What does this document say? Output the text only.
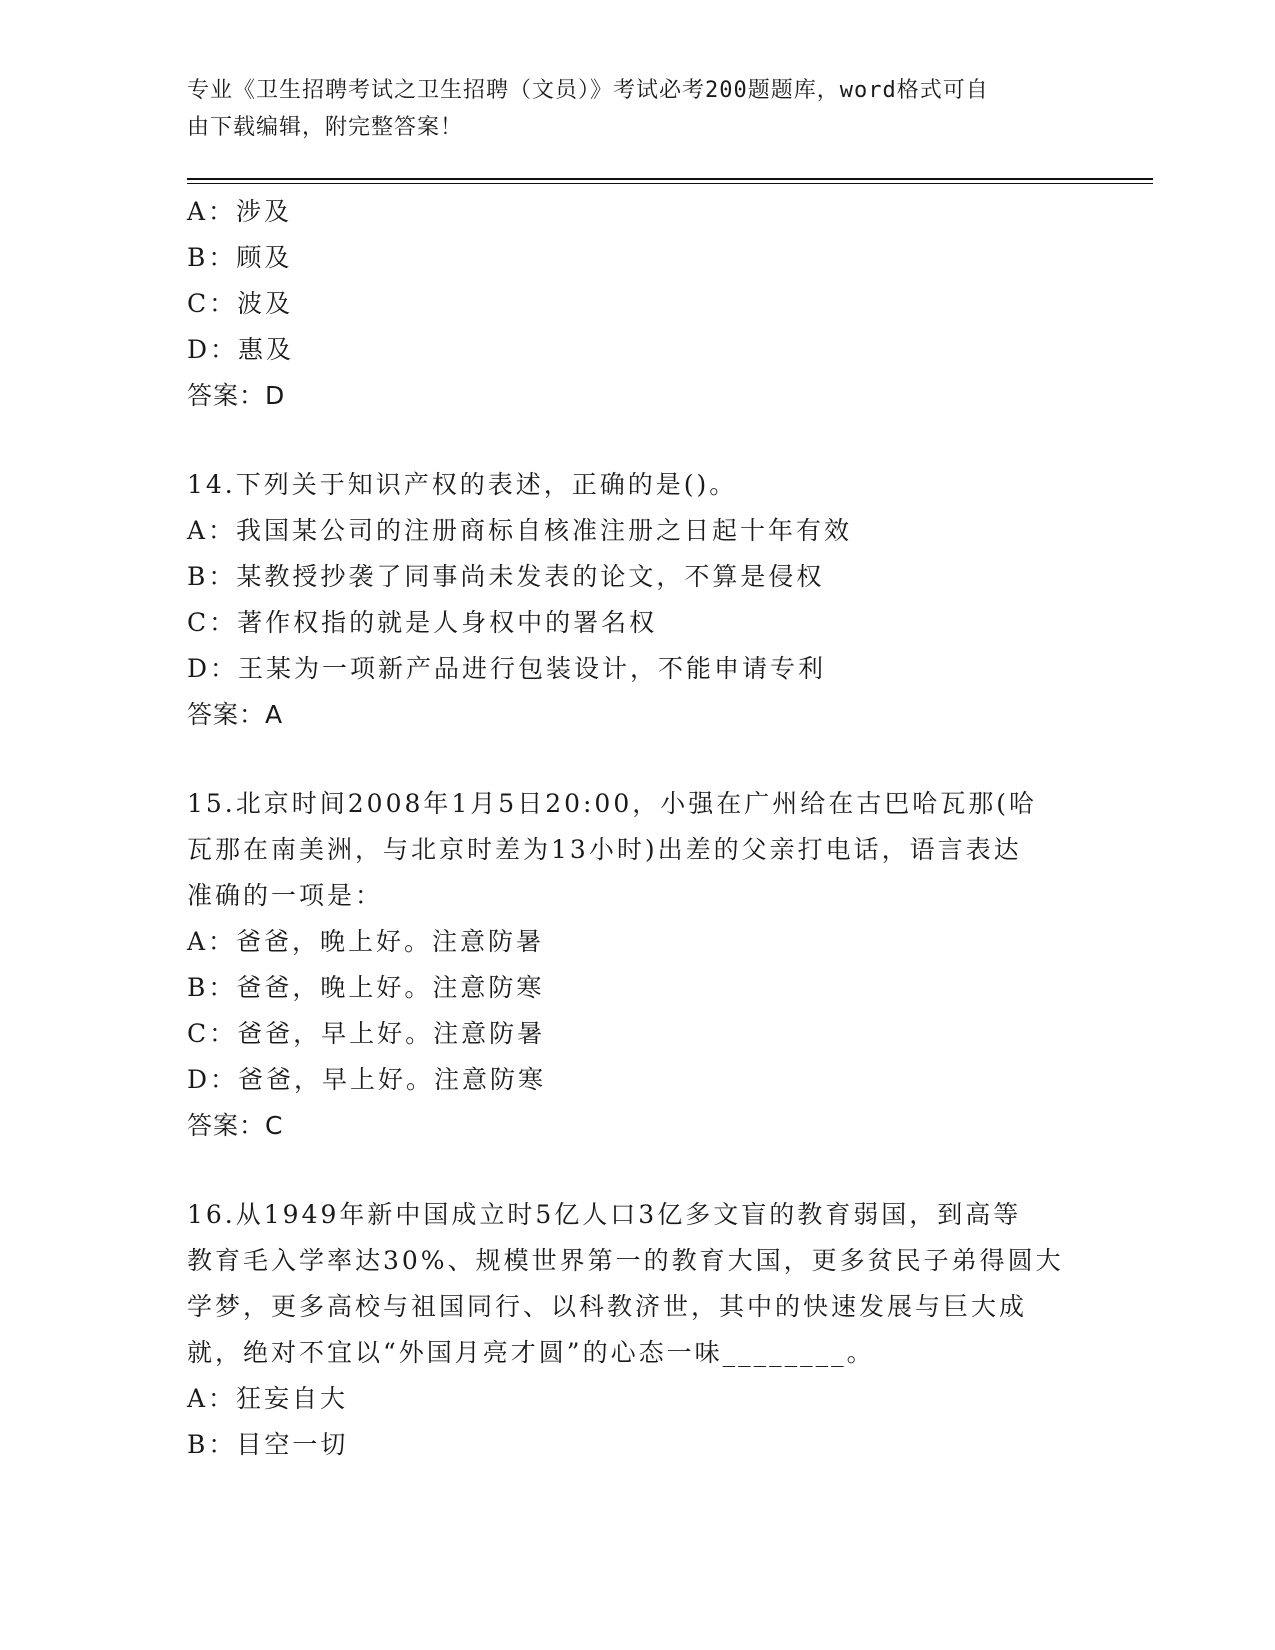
专业《卫生招聘考试之卫生招聘（文员）》考试必考200题题库，word格式可自
由下载编辑，附完整答案！
A：涉及
B：顾及
C：波及
D：惠及
答案：D
14.下列关于知识产权的表述，正确的是()。
A：我国某公司的注册商标自核准注册之日起十年有效
B：某教授抄袭了同事尚未发表的论文，不算是侵权
C：著作权指的就是人身权中的署名权
D：王某为一项新产品进行包装设计，不能申请专利
答案：A
15.北京时间2008年1月5日20:00，小强在广州给在古巴哈瓦那(哈
瓦那在南美洲，与北京时差为13小时)出差的父亲打电话，语言表达
准确的一项是：
A：爸爸，晚上好。注意防暑
B：爸爸，晚上好。注意防寒
C：爸爸，早上好。注意防暑
D：爸爸，早上好。注意防寒
答案：C
16.从1949年新中国成立时5亿人口3亿多文盲的教育弱国，到高等
教育毛入学率达30%、规模世界第一的教育大国，更多贫民子弟得圆大
学梦，更多高校与祖国同行、以科教济世，其中的快速发展与巨大成
就，绝对不宜以“外国月亮才圆”的心态一味________。
A：狂妄自大
B：目空一切
